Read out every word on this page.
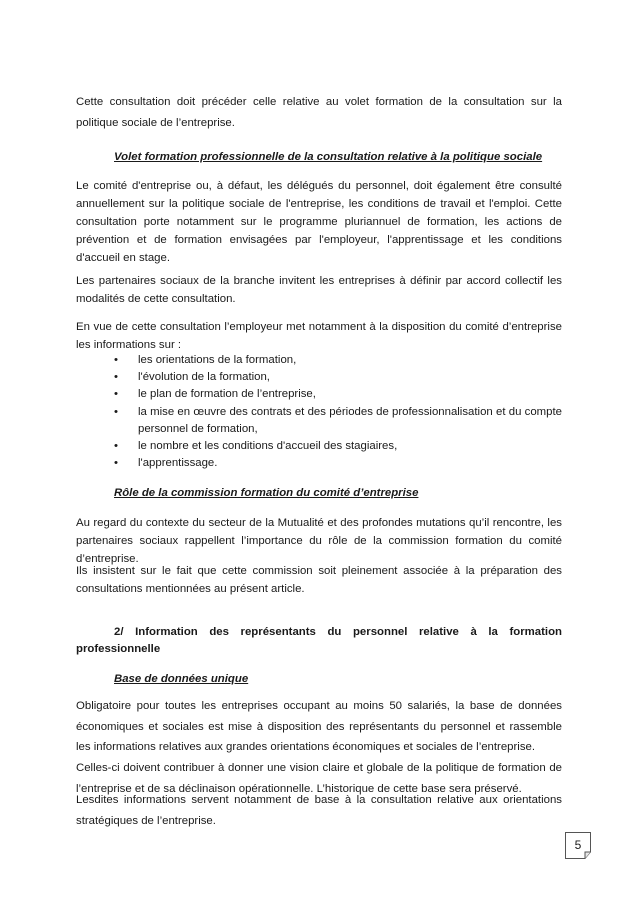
Cette consultation doit précéder celle relative au volet formation de la consultation sur la politique sociale de l’entreprise.

Volet formation professionnelle de la consultation relative à la politique sociale

Le comité d'entreprise ou, à défaut, les délégués du personnel, doit également être consulté annuellement sur la politique sociale de l'entreprise, les conditions de travail et l'emploi. Cette consultation porte notamment sur le programme pluriannuel de formation, les actions de prévention et de formation envisagées par l'employeur, l'apprentissage et les conditions d'accueil en stage.

Les partenaires sociaux de la branche invitent les entreprises à définir par accord collectif les modalités de cette consultation.

En vue de cette consultation l’employeur met notamment à la disposition du comité d’entreprise les informations sur :

• les orientations de la formation,
• l'évolution de la formation,
• le plan de formation de l’entreprise,
• la mise en œuvre des contrats et des périodes de professionnalisation et du compte personnel de formation,
• le nombre et les conditions d'accueil des stagiaires,
• l'apprentissage.

Rôle de la commission formation du comité d’entreprise

Au regard du contexte du secteur de la Mutualité et des profondes mutations qu’il rencontre, les partenaires sociaux rappellent l’importance du rôle de la commission formation du comité d’entreprise.

Ils insistent sur le fait que cette commission soit pleinement associée à la préparation des consultations mentionnées au présent article.

2/ Information des représentants du personnel relative à la formation professionnelle

Base de données unique

Obligatoire pour toutes les entreprises occupant au moins 50 salariés, la base de données économiques et sociales est mise à disposition des représentants du personnel et rassemble les informations relatives aux grandes orientations économiques et sociales de l’entreprise.

Celles-ci doivent contribuer à donner une vision claire et globale de la politique de formation de l’entreprise et de sa déclinaison opérationnelle. L’historique de cette base sera préservé.

Lesdites informations servent notamment de base à la consultation relative aux orientations stratégiques de l’entreprise.

5
